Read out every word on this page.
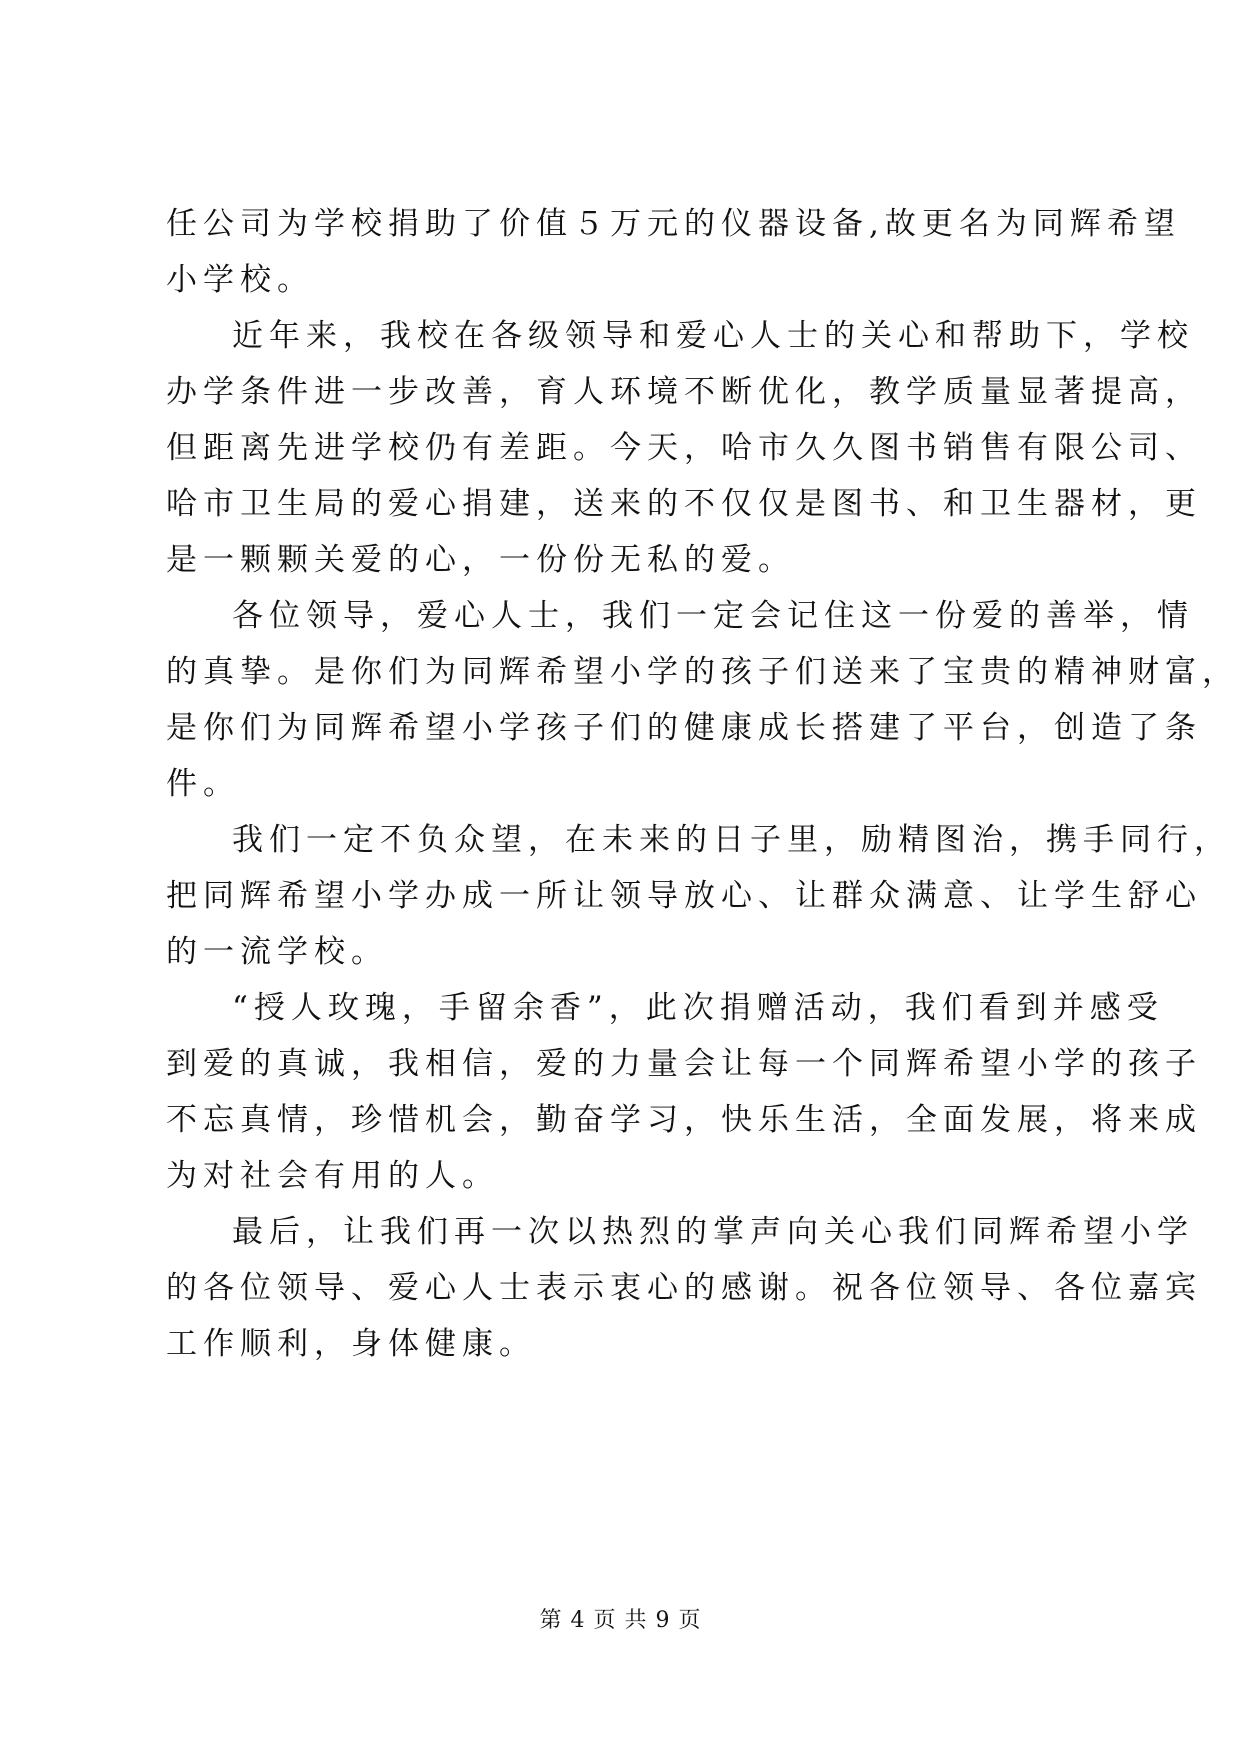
任公司为学校捐助了价值５万元的仪器设备,故更名为同辉希望
小学校。
近年来，我校在各级领导和爱心人士的关心和帮助下，学校
办学条件进一步改善，育人环境不断优化，教学质量显著提高，
但距离先进学校仍有差距。今天，哈市久久图书销售有限公司、
哈市卫生局的爱心捐建，送来的不仅仅是图书、和卫生器材，更
是一颗颗关爱的心，一份份无私的爱。
各位领导，爱心人士，我们一定会记住这一份爱的善举，情
的真挚。是你们为同辉希望小学的孩子们送来了宝贵的精神财富，
是你们为同辉希望小学孩子们的健康成长搭建了平台，创造了条
件。
我们一定不负众望，在未来的日子里，励精图治，携手同行，
把同辉希望小学办成一所让领导放心、让群众满意、让学生舒心
的一流学校。
“授人玫瑰，手留余香”，此次捐赠活动，我们看到并感受
到爱的真诚，我相信，爱的力量会让每一个同辉希望小学的孩子
不忘真情，珍惜机会，勤奋学习，快乐生活，全面发展，将来成
为对社会有用的人。
最后，让我们再一次以热烈的掌声向关心我们同辉希望小学
的各位领导、爱心人士表示衷心的感谢。祝各位领导、各位嘉宾
工作顺利，身体健康。
第 4 页 共 9 页
